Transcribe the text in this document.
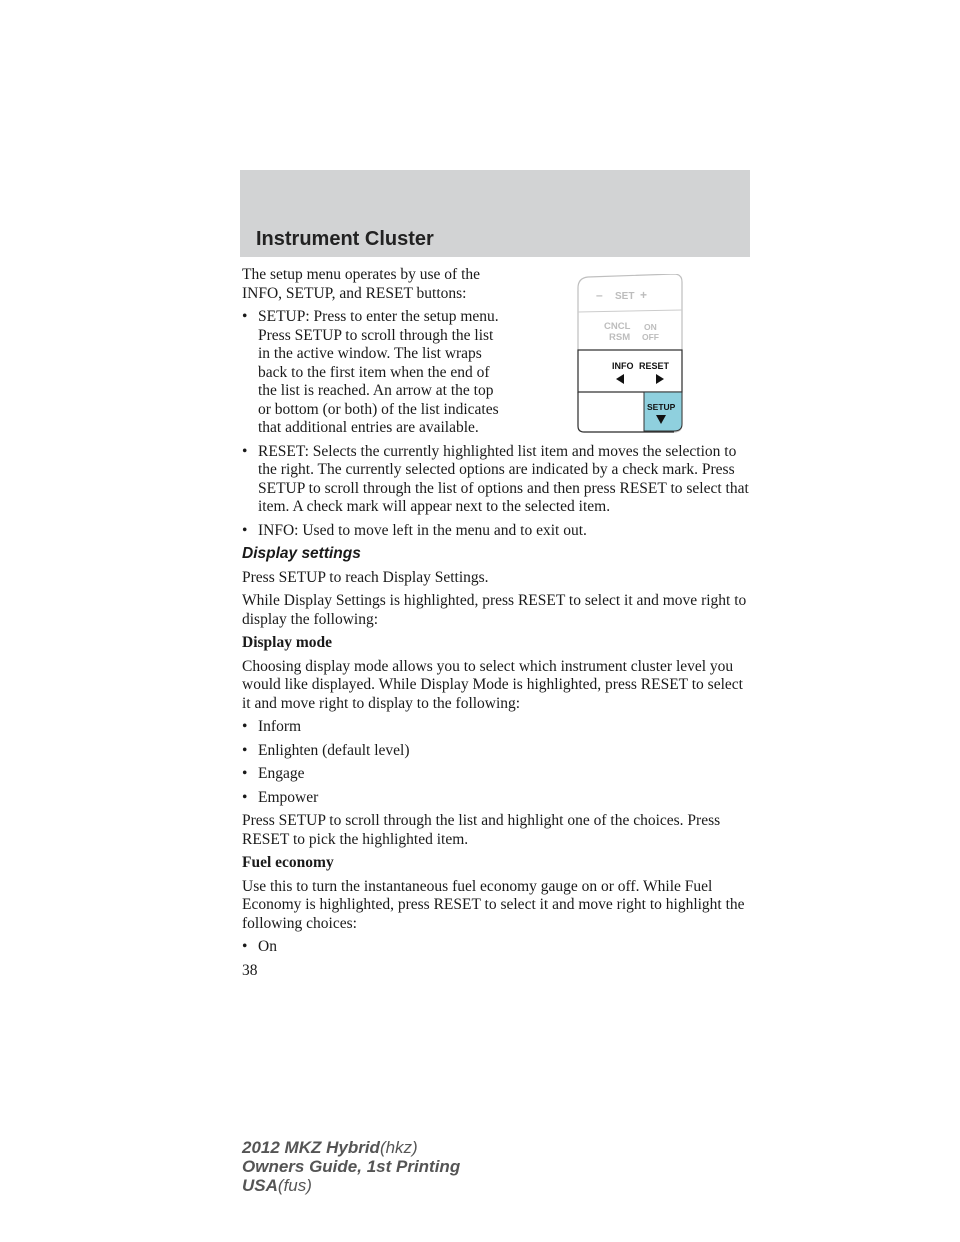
Instrument Cluster

The setup menu operates by use of the INFO, SETUP, and RESET buttons:

• SETUP: Press to enter the setup menu. Press SETUP to scroll through the list in the active window. The list wraps back to the first item when the end of the list is reached. An arrow at the top or bottom (or both) of the list indicates that additional entries are available.
– SET +
CNCL
RSM
ON
OFF
INFO RESET
SETUP
• RESET: Selects the currently highlighted list item and moves the selection to the right. The currently selected options are indicated by a check mark. Press SETUP to scroll through the list of options and then press RESET to select that item. A check mark will appear next to the selected item.
• INFO: Used to move left in the menu and to exit out.

Display settings

Press SETUP to reach Display Settings.

While Display Settings is highlighted, press RESET to select it and move right to display the following:

Display mode

Choosing display mode allows you to select which instrument cluster level you would like displayed. While Display Mode is highlighted, press RESET to select it and move right to display to the following:

• Inform
• Enlighten (default level)
• Engage
• Empower

Press SETUP to scroll through the list and highlight one of the choices. Press RESET to pick the highlighted item.

Fuel economy

Use this to turn the instantaneous fuel economy gauge on or off. While Fuel Economy is highlighted, press RESET to select it and move right to highlight the following choices:

• On
38
2012 MKZ Hybrid(hkz)
Owners Guide, 1st Printing
USA(fus)
